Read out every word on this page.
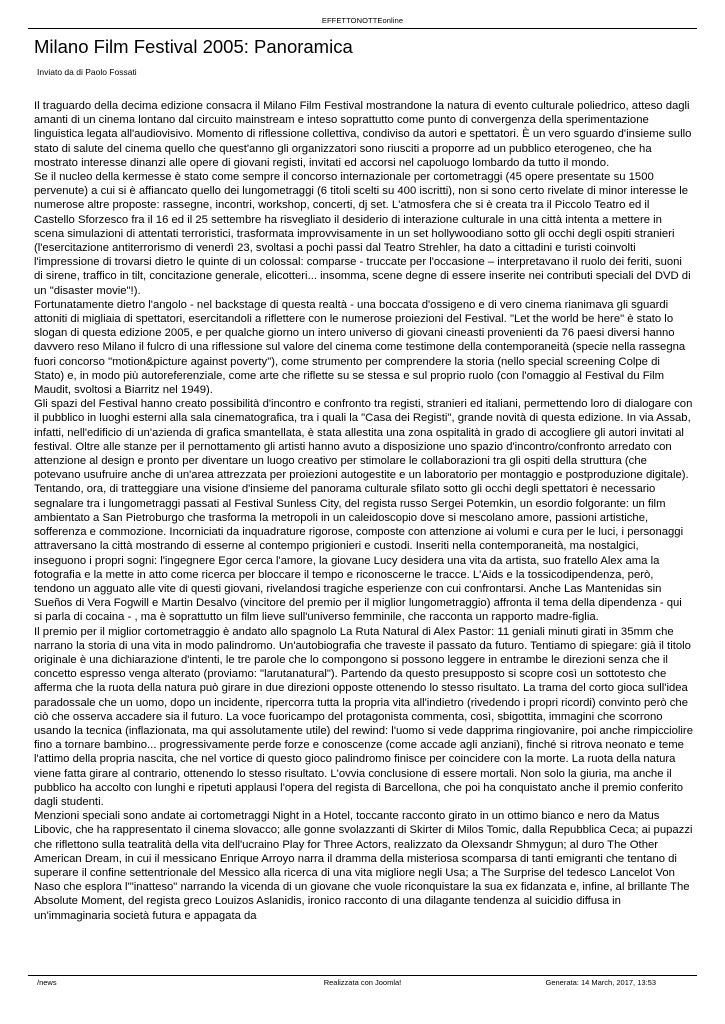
EFFETTONOTTEonline
Milano Film Festival 2005: Panoramica
Inviato da di Paolo Fossati

Il traguardo della decima edizione consacra il Milano Film Festival mostrandone la natura di evento culturale poliedrico, atteso dagli amanti di un cinema lontano dal circuito mainstream e inteso soprattutto come punto di convergenza della sperimentazione linguistica legata all'audiovisivo. Momento di riflessione collettiva, condiviso da autori e spettatori. È un vero sguardo d'insieme sullo stato di salute del cinema quello che quest'anno gli organizzatori sono riusciti a proporre ad un pubblico eterogeneo, che ha mostrato interesse dinanzi alle opere di giovani registi, invitati ed accorsi nel capoluogo lombardo da tutto il mondo.

Se il nucleo della kermesse è stato come sempre il concorso internazionale per cortometraggi (45 opere presentate su 1500 pervenute) a cui si è affiancato quello dei lungometraggi (6 titoli scelti su 400 iscritti), non si sono certo rivelate di minor interesse le numerose altre proposte: rassegne, incontri, workshop, concerti, dj set. L'atmosfera che si è creata tra il Piccolo Teatro ed il Castello Sforzesco fra il 16 ed il 25 settembre ha risvegliato il desiderio di interazione culturale in una città intenta a mettere in scena simulazioni di attentati terroristici, trasformata improvvisamente in un set hollywoodiano sotto gli occhi degli ospiti stranieri (l'esercitazione antiterrorismo di venerdì 23, svoltasi a pochi passi dal Teatro Strehler, ha dato a cittadini e turisti coinvolti l'impressione di trovarsi dietro le quinte di un colossal: comparse - truccate per l'occasione – interpretavano il ruolo dei feriti, suoni di sirene, traffico in tilt, concitazione generale, elicotteri... insomma, scene degne di essere inserite nei contributi speciali del DVD di un "disaster movie"!).

Fortunatamente dietro l'angolo - nel backstage di questa realtà - una boccata d'ossigeno e di vero cinema rianimava gli sguardi attoniti di migliaia di spettatori, esercitandoli a riflettere con le numerose proiezioni del Festival. "Let the world be here" è stato lo slogan di questa edizione 2005, e per qualche giorno un intero universo di giovani cineasti provenienti da 76 paesi diversi hanno davvero reso Milano il fulcro di una riflessione sul valore del cinema come testimone della contemporaneità (specie nella rassegna fuori concorso "motion&picture against poverty"), come strumento per comprendere la storia (nello special screening Colpe di Stato) e, in modo più autoreferenziale, come arte che riflette su se stessa e sul proprio ruolo (con l'omaggio al Festival du Film Maudit, svoltosi a Biarritz nel 1949).

Gli spazi del Festival hanno creato possibilità d'incontro e confronto tra registi, stranieri ed italiani, permettendo loro di dialogare con il pubblico in luoghi esterni alla sala cinematografica, tra i quali la "Casa dei Registi", grande novità di questa edizione. In via Assab, infatti, nell'edificio di un'azienda di grafica smantellata, è stata allestita una zona ospitalità in grado di accogliere gli autori invitati al festival. Oltre alle stanze per il pernottamento gli artisti hanno avuto a disposizione uno spazio d'incontro/confronto arredato con attenzione al design e pronto per diventare un luogo creativo per stimolare le collaborazioni tra gli ospiti della struttura (che potevano usufruire anche di un'area attrezzata per proiezioni autogestite e un laboratorio per montaggio e postproduzione digitale).

Tentando, ora, di tratteggiare una visione d'insieme del panorama culturale sfilato sotto gli occhi degli spettatori è necessario segnalare tra i lungometraggi passati al Festival Sunless City, del regista russo Sergei Potemkin, un esordio folgorante: un film ambientato a San Pietroburgo che trasforma la metropoli in un caleidoscopio dove si mescolano amore, passioni artistiche, sofferenza e commozione. Incorniciati da inquadrature rigorose, composte con attenzione ai volumi e cura per le luci, i personaggi attraversano la città mostrando di esserne al contempo prigionieri e custodi. Inseriti nella contemporaneità, ma nostalgici, inseguono i propri sogni: l'ingegnere Egor cerca l'amore, la giovane Lucy desidera una vita da artista, suo fratello Alex ama la fotografia e la mette in atto come ricerca per bloccare il tempo e riconoscerne le tracce. L'Aids e la tossicodipendenza, però, tendono un agguato alle vite di questi giovani, rivelandosi tragiche esperienze con cui confrontarsi. Anche Las Mantenidas sin Sueños di Vera Fogwill e Martin Desalvo (vincitore del premio per il miglior lungometraggio) affronta il tema della dipendenza - qui si parla di cocaina - , ma è soprattutto un film lieve sull'universo femminile, che racconta un rapporto madre-figlia.

Il premio per il miglior cortometraggio è andato allo spagnolo La Ruta Natural di Alex Pastor: 11 geniali minuti girati in 35mm che narrano la storia di una vita in modo palindromo. Un'autobiografia che traveste il passato da futuro. Tentiamo di spiegare: già il titolo originale è una dichiarazione d'intenti, le tre parole che lo compongono si possono leggere in entrambe le direzioni senza che il concetto espresso venga alterato (proviamo: "larutanatural"). Partendo da questo presupposto si scopre così un sottotesto che afferma che la ruota della natura può girare in due direzioni opposte ottenendo lo stesso risultato. La trama del corto gioca sull'idea paradossale che un uomo, dopo un incidente, ripercorra tutta la propria vita all'indietro (rivedendo i propri ricordi) convinto però che ciò che osserva accadere sia il futuro. La voce fuoricampo del protagonista commenta, così, sbigottita, immagini che scorrono usando la tecnica (inflazionata, ma qui assolutamente utile) del rewind: l'uomo si vede dapprima ringiovanire, poi anche rimpicciolire fino a tornare bambino... progressivamente perde forze e conoscenze (come accade agli anziani), finché si ritrova neonato e teme l'attimo della propria nascita, che nel vortice di questo gioco palindromo finisce per coincidere con la morte. La ruota della natura viene fatta girare al contrario, ottenendo lo stesso risultato. L'ovvia conclusione di essere mortali. Non solo la giuria, ma anche il pubblico ha accolto con lunghi e ripetuti applausi l'opera del regista di Barcellona, che poi ha conquistato anche il premio conferito dagli studenti.

Menzioni speciali sono andate ai cortometraggi Night in a Hotel, toccante racconto girato in un ottimo bianco e nero da Matus Libovic, che ha rappresentato il cinema slovacco; alle gonne svolazzanti di Skirter di Milos Tomic, dalla Repubblica Ceca; ai pupazzi che riflettono sulla teatralità della vita dell'ucraino Play for Three Actors, realizzato da Olexsandr Shmygun; al duro The Other American Dream, in cui il messicano Enrique Arroyo narra il dramma della misteriosa scomparsa di tanti emigranti che tentano di superare il confine settentrionale del Messico alla ricerca di una vita migliore negli Usa; a The Surprise del tedesco Lancelot Von Naso che esplora l'"inatteso" narrando la vicenda di un giovane che vuole riconquistare la sua ex fidanzata e, infine, al brillante The Absolute Moment, del regista greco Louizos Aslanidis, ironico racconto di una dilagante tendenza al suicidio diffusa in un'immaginaria società futura e appagata da

/news	Realizzata con Joomla!	Generata: 14 March, 2017, 13:53
